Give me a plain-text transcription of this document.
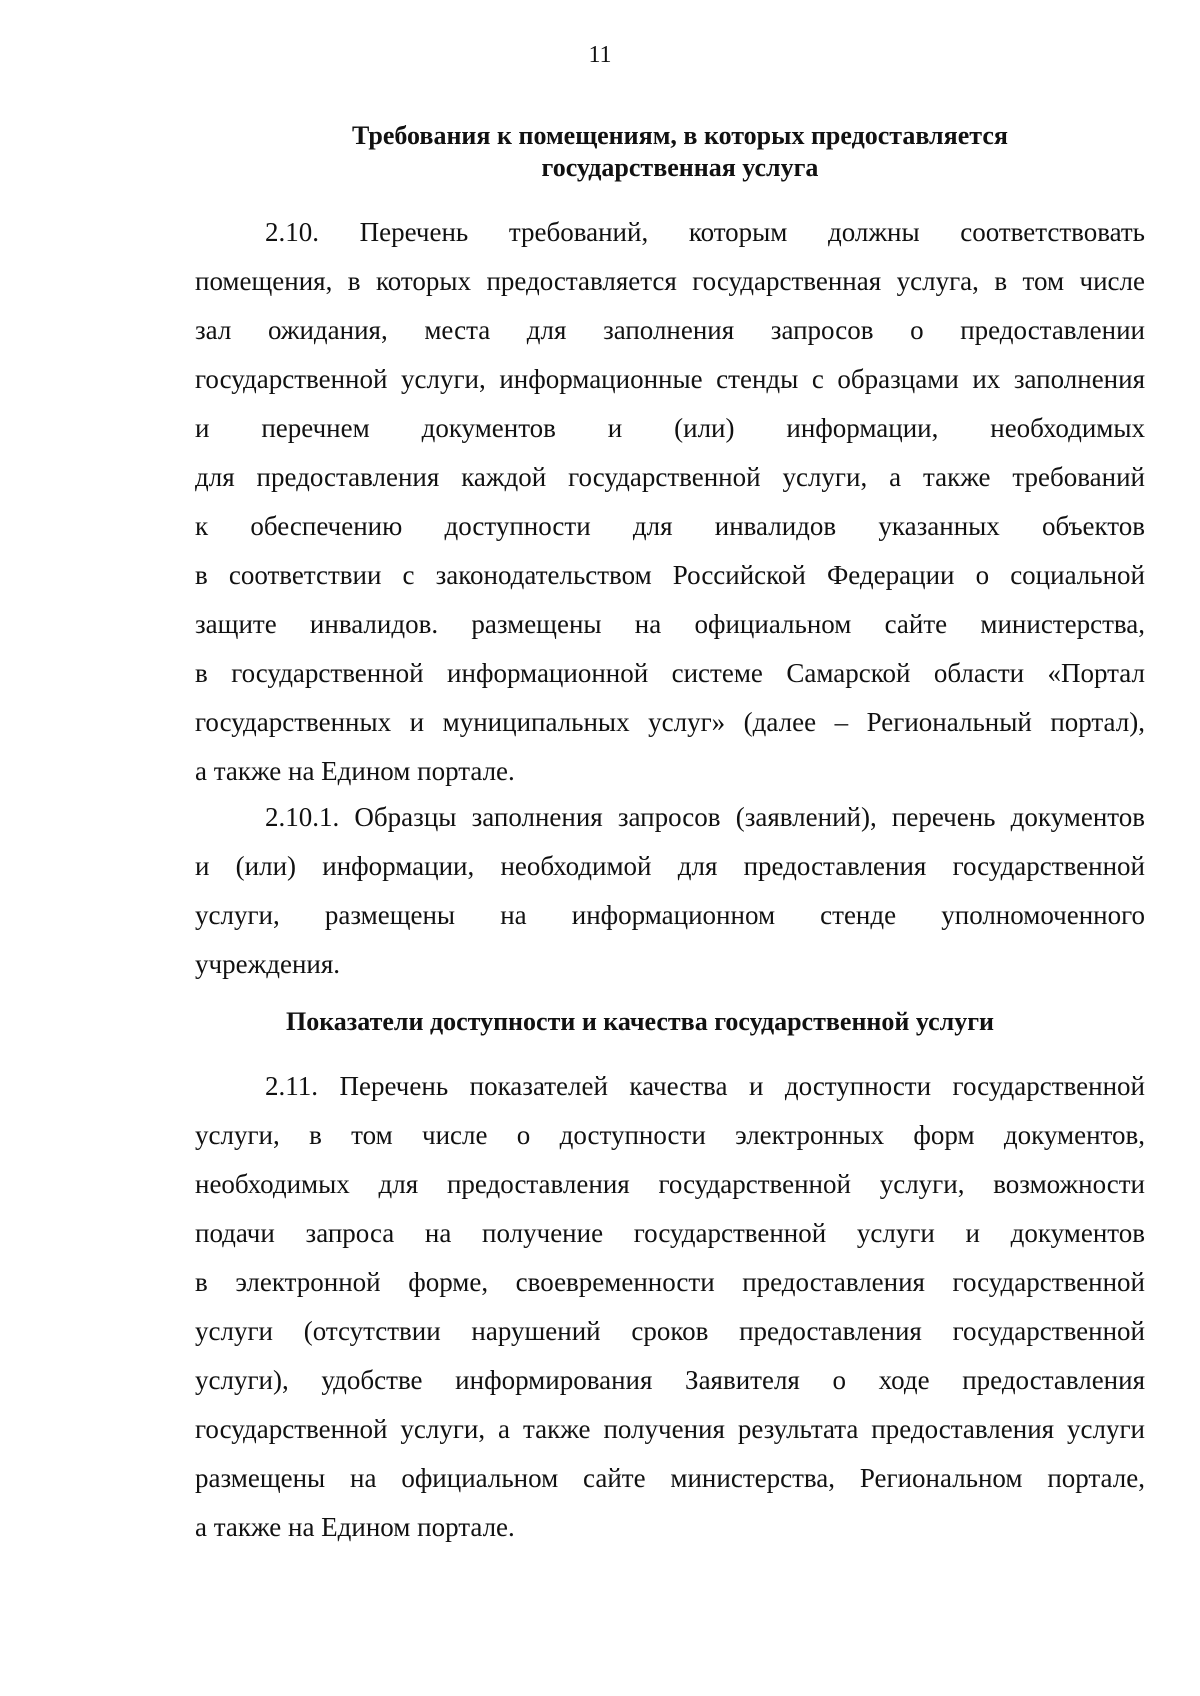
11
Требования к помещениям, в которых предоставляется
государственная услуга
2.10. Перечень требований, которым должны соответствовать
помещения, в которых предоставляется государственная услуга, в том числе
зал ожидания, места для заполнения запросов о предоставлении
государственной услуги, информационные стенды с образцами их заполнения
и перечнем документов и (или) информации, необходимых
для предоставления каждой государственной услуги, а также требований
к обеспечению доступности для инвалидов указанных объектов
в соответствии с законодательством Российской Федерации о социальной
защите инвалидов. размещены на официальном сайте министерства,
в государственной информационной системе Самарской области «Портал
государственных и муниципальных услуг» (далее – Региональный портал),
а также на Едином портале.
2.10.1. Образцы заполнения запросов (заявлений), перечень документов
и (или) информации, необходимой для предоставления государственной
услуги, размещены на информационном стенде уполномоченного
учреждения.
Показатели доступности и качества государственной услуги
2.11. Перечень показателей качества и доступности государственной
услуги, в том числе о доступности электронных форм документов,
необходимых для предоставления государственной услуги, возможности
подачи запроса на получение государственной услуги и документов
в электронной форме, своевременности предоставления государственной
услуги (отсутствии нарушений сроков предоставления государственной
услуги), удобстве информирования Заявителя о ходе предоставления
государственной услуги, а также получения результата предоставления услуги
размещены на официальном сайте министерства, Региональном портале,
а также на Едином портале.
